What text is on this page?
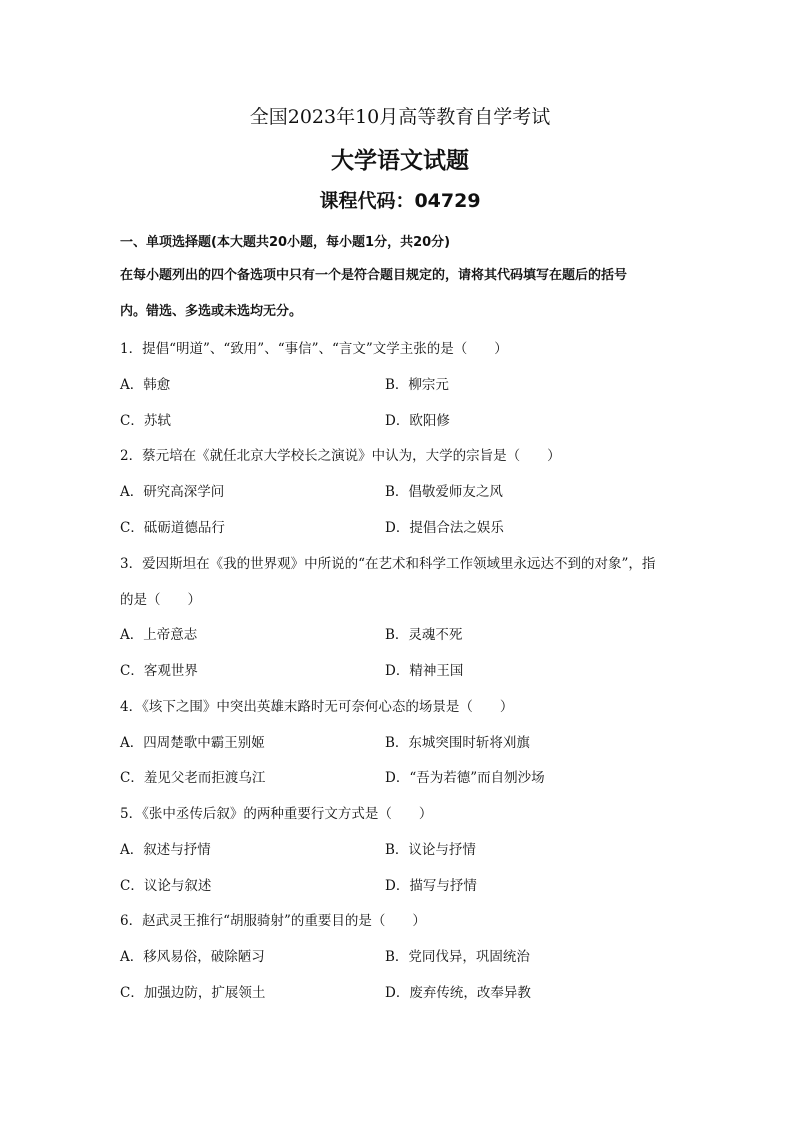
全国2023年10月高等教育自学考试
大学语文试题
课程代码：04729
一、单项选择题(本大题共20小题，每小题1分，共20分)
在每小题列出的四个备选项中只有一个是符合题目规定的，请将其代码填写在题后的括号
内。错选、多选或未选均无分。
1．提倡“明道”、“致用”、“事信”、“言文”文学主张的是（　　）
A．韩愈	B．柳宗元
C．苏轼	D．欧阳修
2．蔡元培在《就任北京大学校长之演说》中认为，大学的宗旨是（　　）
A．研究高深学问	B．倡敬爱师友之风
C．砥砺道德品行	D．提倡合法之娱乐
3．爱因斯坦在《我的世界观》中所说的“在艺术和科学工作领域里永远达不到的对象”，指
的是（　　）
A．上帝意志	B．灵魂不死
C．客观世界	D．精神王国
4．《垓下之围》中突出英雄末路时无可奈何心态的场景是（　　）
A．四周楚歌中霸王别姬	B．东城突围时斩将刈旗
C．羞见父老而拒渡乌江	D．“吾为若德”而自刎沙场
5．《张中丞传后叙》的两种重要行文方式是（　　）
A．叙述与抒情	B．议论与抒情
C．议论与叙述	D．描写与抒情
6．赵武灵王推行“胡服骑射”的重要目的是（　　）
A．移风易俗，破除陋习	B．党同伐异，巩固统治
C．加强边防，扩展领土	D．废弃传统，改奉异教
